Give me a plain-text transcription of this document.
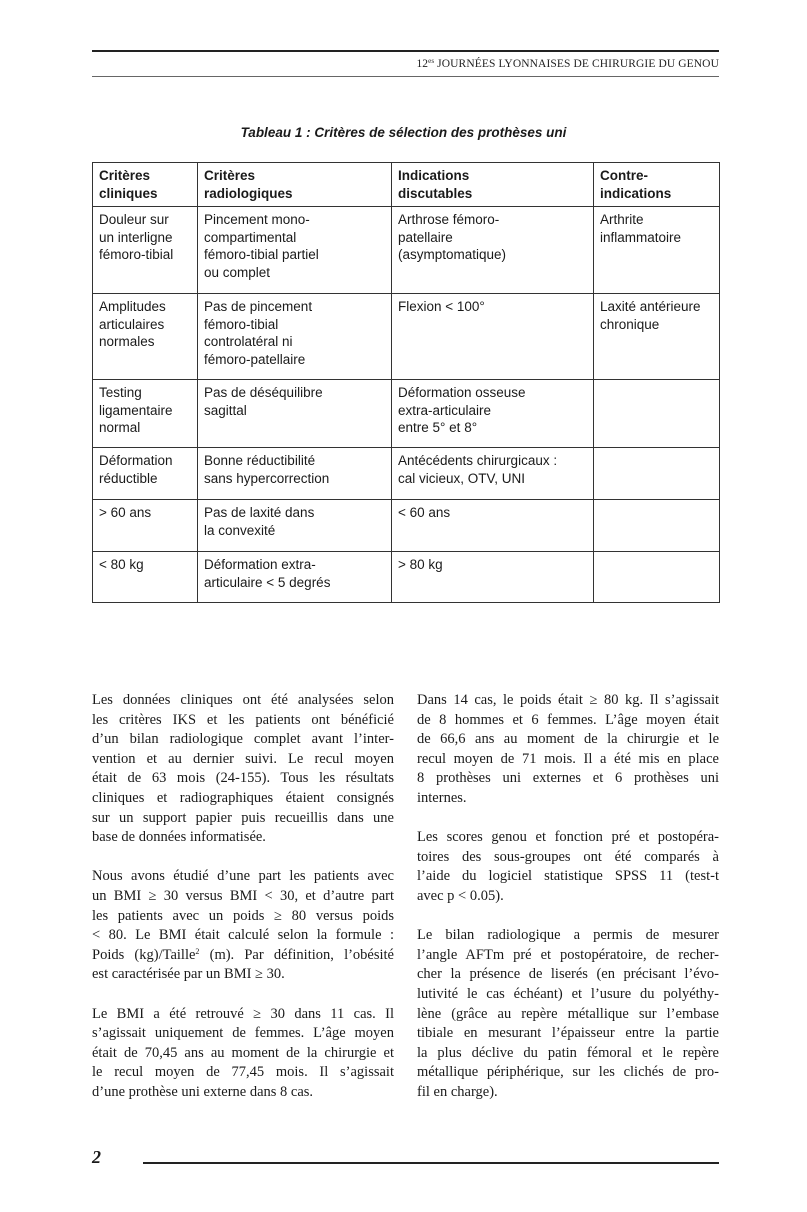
$12^{es}$ JOURNÉES LYONNAISES DE CHIRURGIE DU GENOU
Tableau 1 : Critères de sélection des prothèses uni
Critères
cliniques	Critères
radiologiques	Indications
discutables	Contre-
indications

Douleur sur
un interligne
fémoro-tibial	Pincement mono-
compartimental
fémoro-tibial partiel
ou complet	Arthrose fémoro-
patellaire
(asymptomatique)	Arthrite
inflammatoire

Amplitudes
articulaires
normales	Pas de pincement
fémoro-tibial
controlatéral ni
fémoro-patellaire	Flexion < 100°	Laxité antérieure
chronique

Testing
ligamentaire
normal	Pas de déséquilibre
sagittal	Déformation osseuse
extra-articulaire
entre 5° et 8°	

Déformation
réductible	Bonne réductibilité
sans hypercorrection	Antécédents chirurgicaux :
cal vicieux, OTV, UNI	

> 60 ans	Pas de laxité dans
la convexité	< 60 ans	

< 80 kg	Déformation extra-
articulaire < 5 degrés	> 80 kg	

Les données cliniques ont été analysées selon
les critères IKS et les patients ont bénéficié
d’un bilan radiologique complet avant l’inter-
vention et au dernier suivi. Le recul moyen
était de 63 mois (24-155). Tous les résultats
cliniques et radiographiques étaient consignés
sur un support papier puis recueillis dans une
base de données informatisée.

Nous avons étudié d’une part les patients avec
un BMI ≥ 30 versus BMI < 30, et d’autre part
les patients avec un poids ≥ 80 versus poids
< 80. Le BMI était calculé selon la formule :
Poids (kg)/Taille$^2$ (m). Par définition, l’obésité
est caractérisée par un BMI ≥ 30.

Le BMI a été retrouvé ≥ 30 dans 11 cas. Il
s’agissait uniquement de femmes. L’âge moyen
était de 70,45 ans au moment de la chirurgie et
le recul moyen de 77,45 mois. Il s’agissait
d’une prothèse uni externe dans 8 cas.

Dans 14 cas, le poids était ≥ 80 kg. Il s’agissait
de 8 hommes et 6 femmes. L’âge moyen était
de 66,6 ans au moment de la chirurgie et le
recul moyen de 71 mois. Il a été mis en place
8 prothèses uni externes et 6 prothèses uni
internes.

Les scores genou et fonction pré et postopéra-
toires des sous-groupes ont été comparés à
l’aide du logiciel statistique SPSS 11 (test-t
avec p < 0.05).

Le bilan radiologique a permis de mesurer
l’angle AFTm pré et postopératoire, de recher-
cher la présence de liserés (en précisant l’évo-
lutivité le cas échéant) et l’usure du polyéthy-
lène (grâce au repère métallique sur l’embase
tibiale en mesurant l’épaisseur entre la partie
la plus déclive du patin fémoral et le repère
métallique périphérique, sur les clichés de pro-
fil en charge).

2
